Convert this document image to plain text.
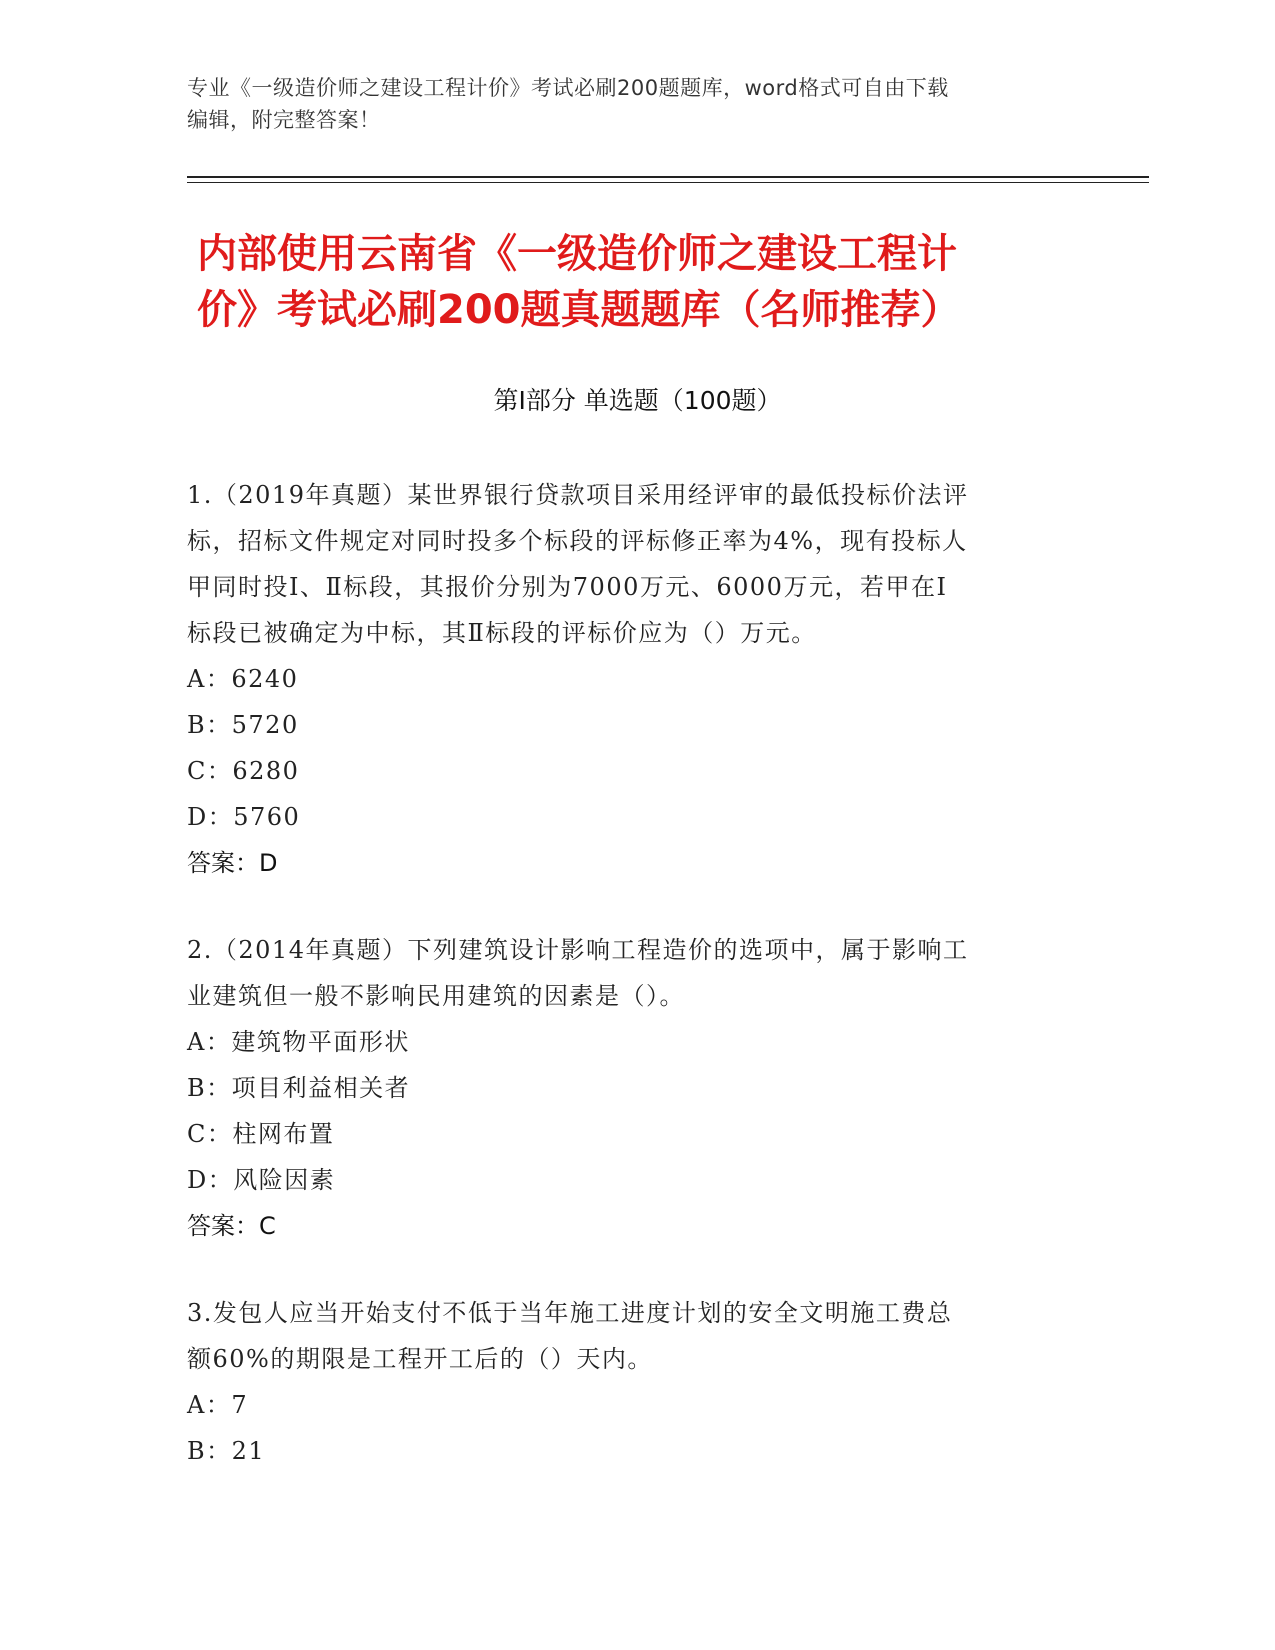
专业《一级造价师之建设工程计价》考试必刷200题题库，word格式可自由下载
编辑，附完整答案！
内部使用云南省《一级造价师之建设工程计
价》考试必刷200题真题题库（名师推荐）
第Ⅰ部分 单选题（100题）
1.（2019年真题）某世界银行贷款项目采用经评审的最低投标价法评
标，招标文件规定对同时投多个标段的评标修正率为4%，现有投标人
甲同时投Ⅰ、Ⅱ标段，其报价分别为7000万元、6000万元，若甲在Ⅰ
标段已被确定为中标，其Ⅱ标段的评标价应为（）万元。
A：6240
B：5720
C：6280
D：5760
答案：D
2.（2014年真题）下列建筑设计影响工程造价的选项中，属于影响工
业建筑但一般不影响民用建筑的因素是（）。
A：建筑物平面形状
B：项目利益相关者
C：柱网布置
D：风险因素
答案：C
3.发包人应当开始支付不低于当年施工进度计划的安全文明施工费总
额60%的期限是工程开工后的（）天内。
A：7
B：21
